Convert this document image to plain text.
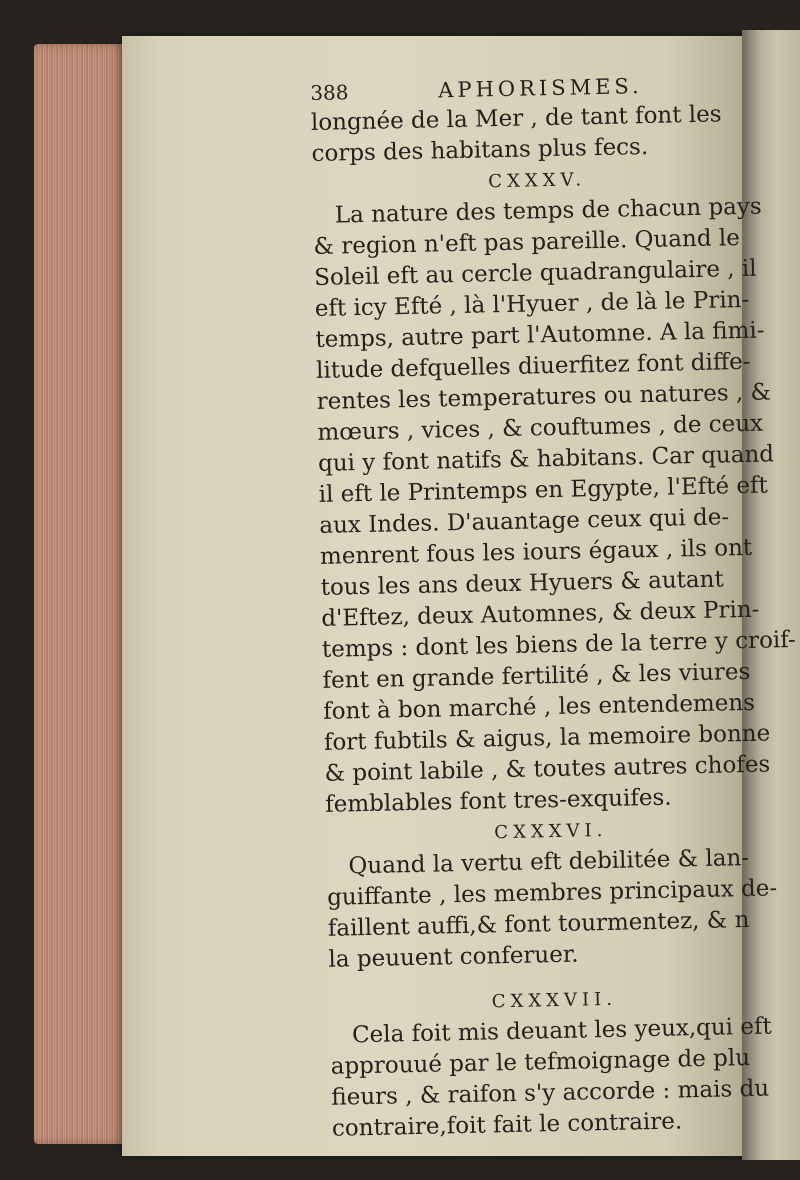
388	APHORISMES.
longnée de la Mer , de tant font les
corps des habitans plus fecs.
CXXXV.
La nature des temps de chacun pays
& region n'eft pas pareille. Quand le
Soleil eft au cercle quadrangulaire , il
eft icy Efté , là l'Hyuer , de là le Prin-
temps, autre part l'Automne. A la fimi-
litude defquelles diuerfitez font diffe-
rentes les temperatures ou natures , &
mœurs , vices , & couftumes , de ceux
qui y font natifs & habitans. Car quand
il eft le Printemps en Egypte, l'Efté eft
aux Indes. D'auantage ceux qui de-
menrent fous les iours égaux , ils ont
tous les ans deux Hyuers & autant
d'Eftez, deux Automnes, & deux Prin-
temps : dont les biens de la terre y croif-
fent en grande fertilité , & les viures
font à bon marché , les entendemens
fort fubtils & aigus, la memoire bonne
& point labile , & toutes autres chofes
femblables font tres-exquifes.
CXXXVI.
Quand la vertu eft debilitée & lan-
guiffante , les membres principaux de-
faillent auffi,& font tourmentez, & n
la peuuent conferuer.
CXXXVII.
Cela foit mis deuant les yeux,qui eft
approuué par le tefmoignage de plu
fieurs , & raifon s'y accorde : mais du
contraire,foit fait le contraire.
